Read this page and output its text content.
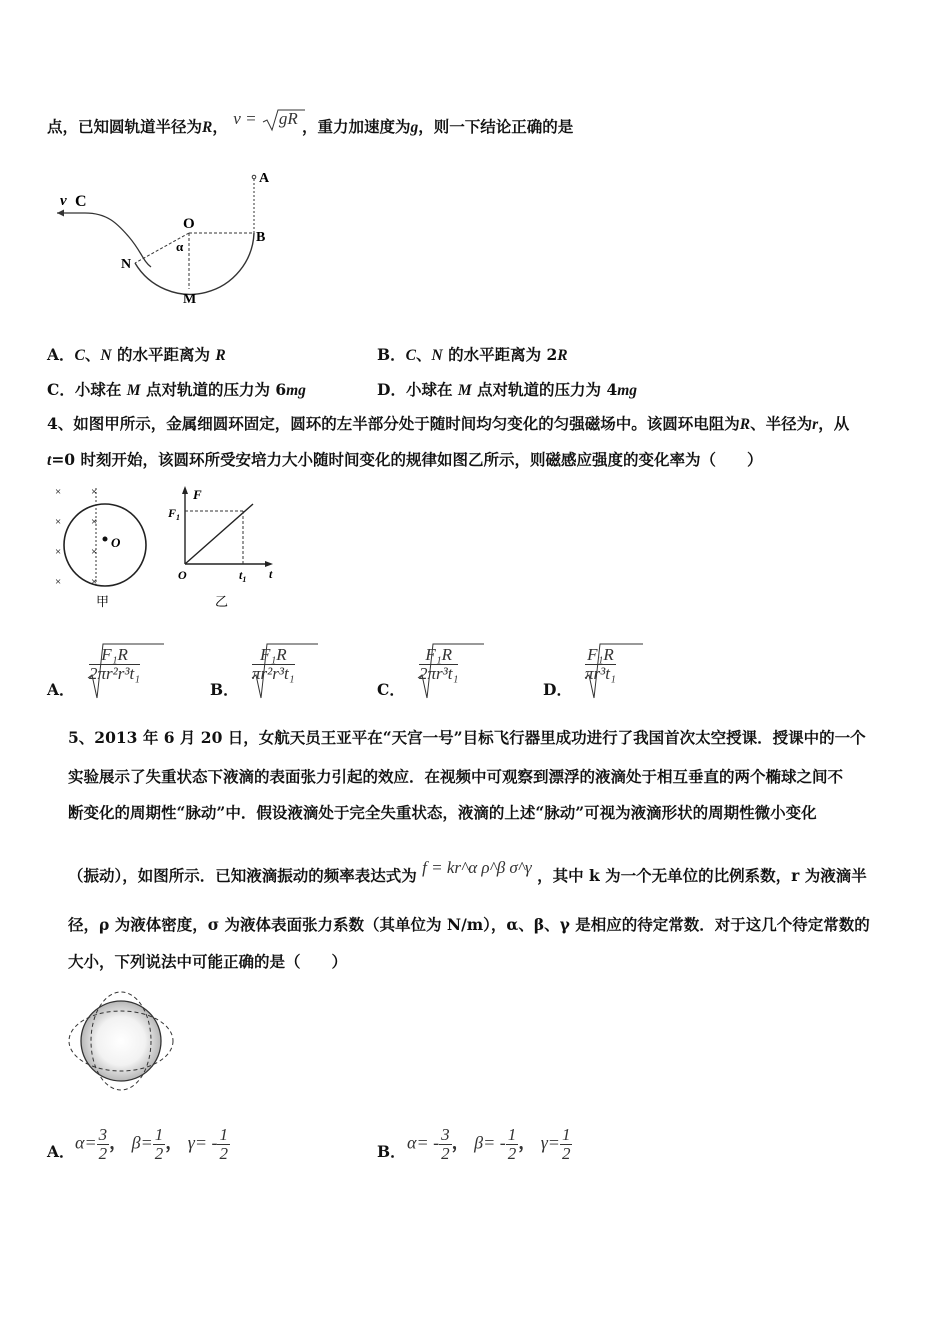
点，已知圆轨道半径为R， v = gR ，重力加速度为g，则一下结论正确的是
v C
A
O
α
B
N
M
A．C、N 的水平距离为 R	B．C、N 的水平距离为 2R
C．小球在 M 点对轨道的压力为 6mg	D．小球在 M 点对轨道的压力为 4mg
4、如图甲所示，金属细圆环固定，圆环的左半部分处于随时间均匀变化的匀强磁场中。该圆环电阻为R、半径为r，从
t=0 时刻开始，该圆环所受安培力大小随时间变化的规律如图乙所示，则磁感应强度的变化率为（　　）
O
×	×
×	×
×	×
×	×
甲
F
$F_1$
O	$t_1$ t
乙
A．
$\frac{\text{F₁R}}{\text{2πr²r³t₁}}$
B．
$\frac{\text{F₁R}}{\text{πr²r³t₁}}$
C．
$\frac{\text{F₁R}}{\text{2πr³t₁}}$
D．
$\frac{\text{F₁R}}{\text{πr³t₁}}$
5、2013 年 6 月 20 日，女航天员王亚平在“天宫一号”目标飞行器里成功进行了我国首次太空授课．授课中的一个
实验展示了失重状态下液滴的表面张力引起的效应．在视频中可观察到漂浮的液滴处于相互垂直的两个椭球之间不
断变化的周期性“脉动”中．假设液滴处于完全失重状态，液滴的上述“脉动”可视为液滴形状的周期性微小变化
（振动），如图所示．已知液滴振动的频率表达式为 f = kr^α ρ^β σ^γ ，其中 k 为一个无单位的比例系数，r 为液滴半
径，ρ 为液体密度，σ 为液体表面张力系数（其单位为 N/m），α、β、γ 是相应的待定常数．对于这几个待定常数的
大小，下列说法中可能正确的是（　　）
A． $\alpha= \frac{3}{2}$ ， $\beta= \frac{1}{2}$ ， $\gamma= - \frac{1}{2}$	B． $\alpha= - \frac{3}{2}$ ， $\beta= - \frac{1}{2}$ ， $\gamma= \frac{1}{2}$
